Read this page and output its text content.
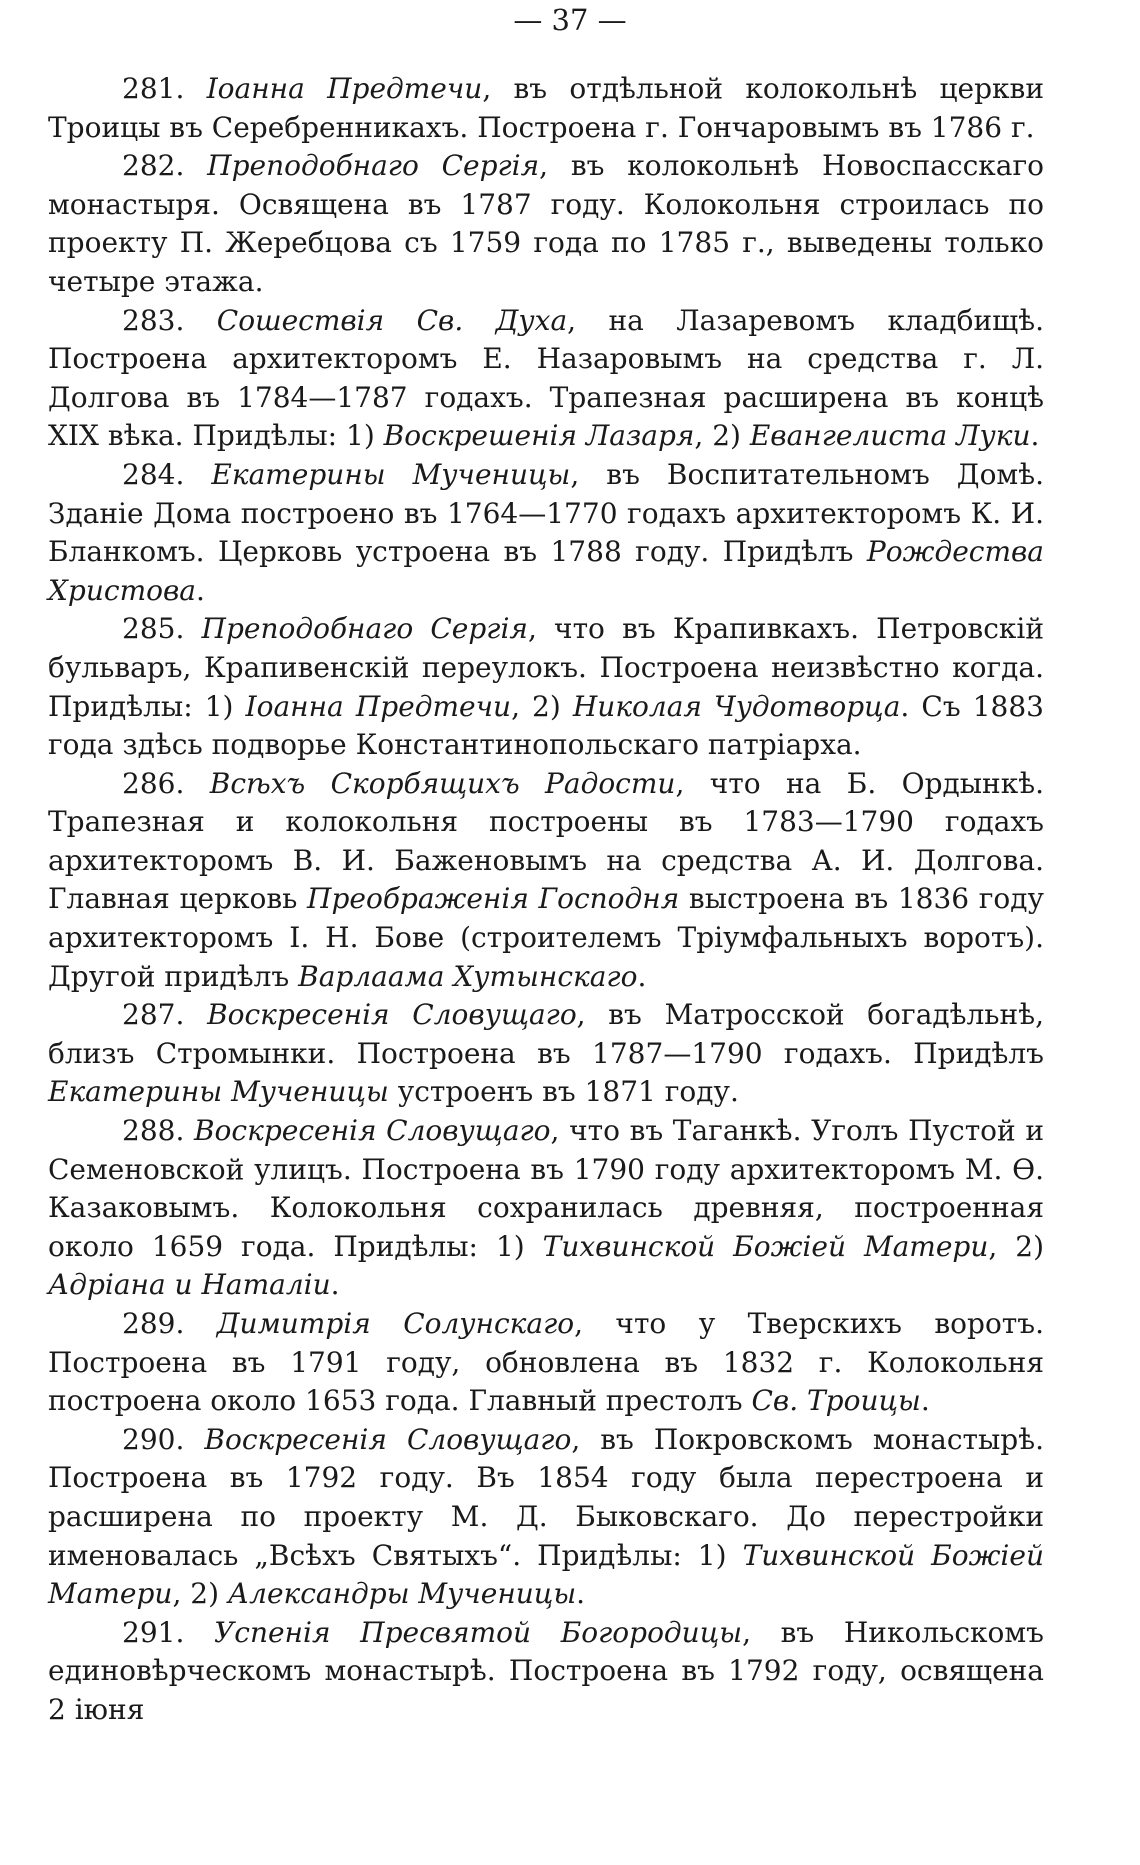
— 37 —

281. Іоанна Предтечи, въ отдѣльной колокольнѣ церкви Троицы въ Серебренникахъ. Построена г. Гончаровымъ въ 1786 г.

282. Преподобнаго Сергія, въ колокольнѣ Новоспасскаго монастыря. Освящена въ 1787 году. Колокольня строилась по проекту П. Жеребцова съ 1759 года по 1785 г., выведены только четыре этажа.

283. Сошествія Св. Духа, на Лазаревомъ кладбищѣ. Построена архитекторомъ Е. Назаровымъ на средства г. Л. Долгова въ 1784—1787 годахъ. Трапезная расширена въ концѣ XIX вѣка. Придѣлы: 1) Воскрешенія Лазаря, 2) Евангелиста Луки.

284. Екатерины Мученицы, въ Воспитательномъ Домѣ. Зданіе Дома построено въ 1764—1770 годахъ архитекторомъ К. И. Бланкомъ. Церковь устроена въ 1788 году. Придѣлъ Рождества Христова.

285. Преподобнаго Сергія, что въ Крапивкахъ. Петровскій бульваръ, Крапивенскій переулокъ. Построена неизвѣстно когда. Придѣлы: 1) Іоанна Предтечи, 2) Николая Чудотворца. Съ 1883 года здѣсь подворье Константинопольскаго патріарха.

286. Всѣхъ Скорбящихъ Радости, что на Б. Ордынкѣ. Трапезная и колокольня построены въ 1783—1790 годахъ архитекторомъ В. И. Баженовымъ на средства А. И. Долгова. Главная церковь Преображенія Господня выстроена въ 1836 году архитекторомъ І. Н. Бове (строителемъ Тріумфальныхъ воротъ). Другой придѣлъ Варлаама Хутынскаго.

287. Воскресенія Словущаго, въ Матросской богадѣльнѣ, близъ Стромынки. Построена въ 1787—1790 годахъ. Придѣлъ Екатерины Мученицы устроенъ въ 1871 году.

288. Воскресенія Словущаго, что въ Таганкѣ. Уголъ Пустой и Семеновской улицъ. Построена въ 1790 году архитекторомъ М. Ѳ. Казаковымъ. Колокольня сохранилась древняя, построенная около 1659 года. Придѣлы: 1) Тихвинской Божіей Матери, 2) Адріана и Наталіи.

289. Димитрія Солунскаго, что у Тверскихъ воротъ. Построена въ 1791 году, обновлена въ 1832 г. Колокольня построена около 1653 года. Главный престолъ Св. Троицы.

290. Воскресенія Словущаго, въ Покровскомъ монастырѣ. Построена въ 1792 году. Въ 1854 году была перестроена и расширена по проекту М. Д. Быковскаго. До перестройки именовалась „Всѣхъ Святыхъ“. Придѣлы: 1) Тихвинской Божіей Матери, 2) Александры Мученицы.

291. Успенія Пресвятой Богородицы, въ Никольскомъ единовѣрческомъ монастырѣ. Построена въ 1792 году, освящена 2 іюня
